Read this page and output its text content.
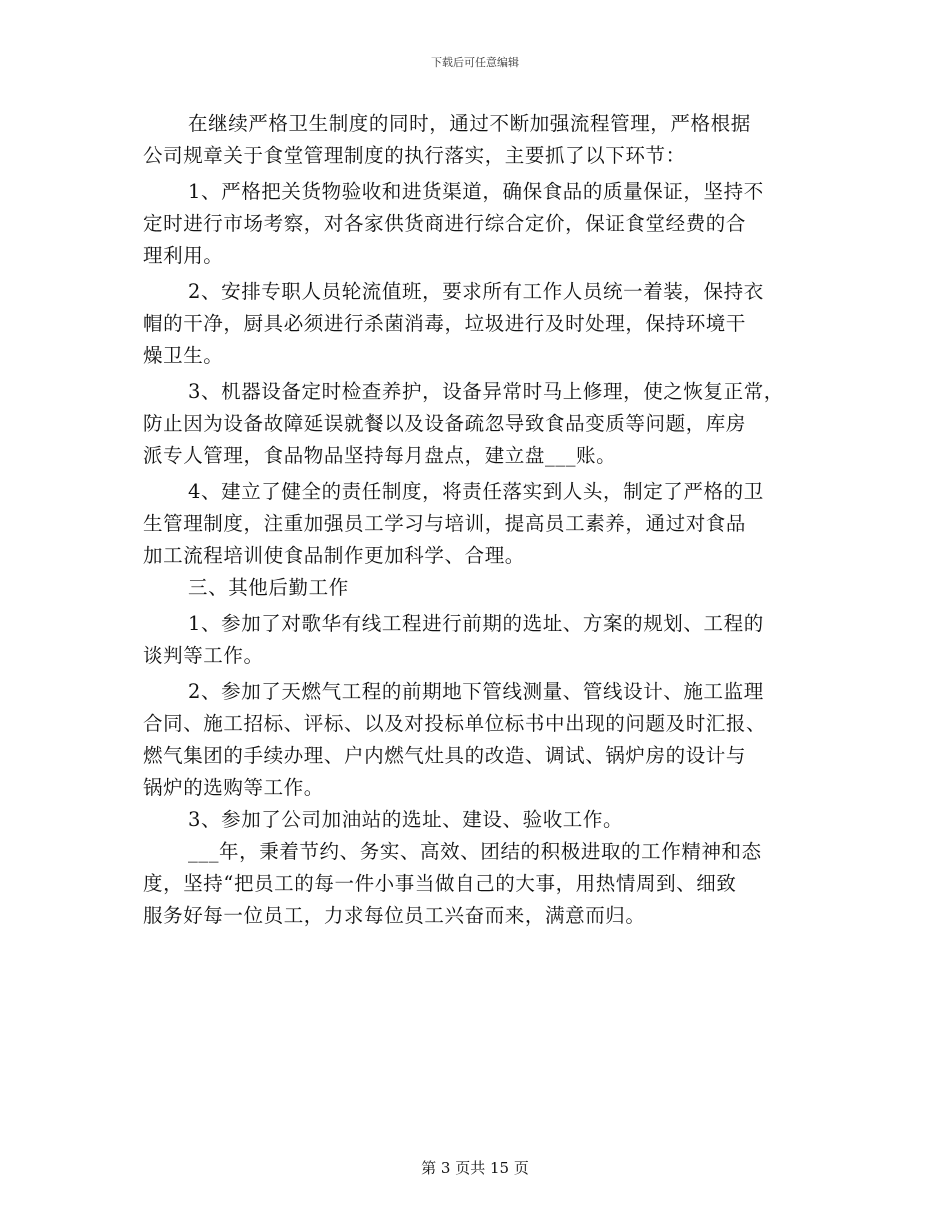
下载后可任意编辑
在继续严格卫生制度的同时，通过不断加强流程管理，严格根据
公司规章关于食堂管理制度的执行落实，主要抓了以下环节：
1、严格把关货物验收和进货渠道，确保食品的质量保证，坚持不
定时进行市场考察，对各家供货商进行综合定价，保证食堂经费的合
理利用。
2、安排专职人员轮流值班，要求所有工作人员统一着装，保持衣
帽的干净，厨具必须进行杀菌消毒，垃圾进行及时处理，保持环境干
燥卫生。
3、机器设备定时检查养护，设备异常时马上修理，使之恢复正常，
防止因为设备故障延误就餐以及设备疏忽导致食品变质等问题，库房
派专人管理，食品物品坚持每月盘点，建立盘___账。
4、建立了健全的责任制度，将责任落实到人头，制定了严格的卫
生管理制度，注重加强员工学习与培训，提高员工素养，通过对食品
加工流程培训使食品制作更加科学、合理。
三、其他后勤工作
1、参加了对歌华有线工程进行前期的选址、方案的规划、工程的
谈判等工作。
2、参加了天燃气工程的前期地下管线测量、管线设计、施工监理
合同、施工招标、评标、以及对投标单位标书中出现的问题及时汇报、
燃气集团的手续办理、户内燃气灶具的改造、调试、锅炉房的设计与
锅炉的选购等工作。
3、参加了公司加油站的选址、建设、验收工作。
___年，秉着节约、务实、高效、团结的积极进取的工作精神和态
度，坚持“把员工的每一件小事当做自己的大事，用热情周到、细致
服务好每一位员工，力求每位员工兴奋而来，满意而归。
第 3 页共 15 页
